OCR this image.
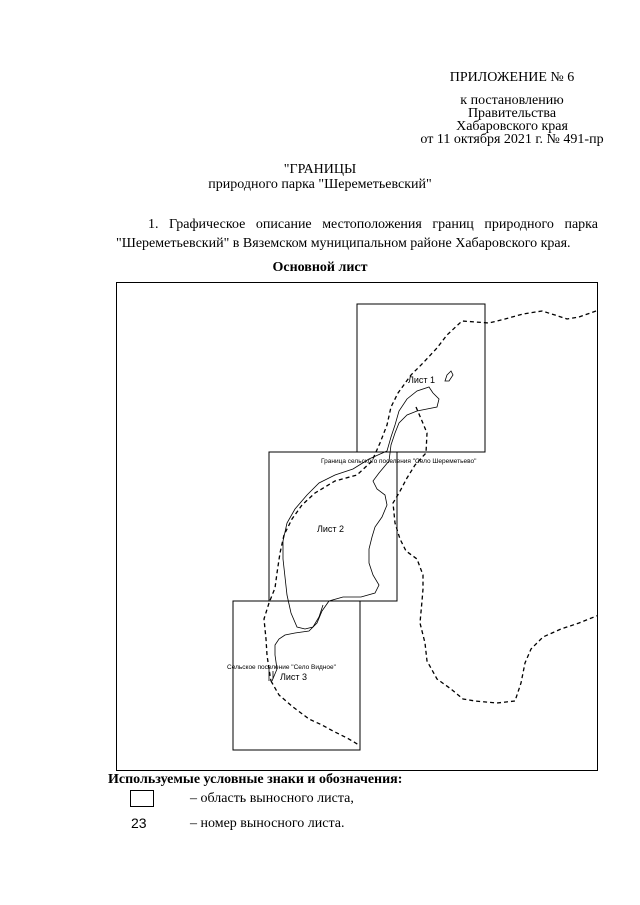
ПРИЛОЖЕНИЕ № 6
к постановлению
Правительства
Хабаровского края
от 11 октября 2021 г. № 491-пр
"ГРАНИЦЫ
природного парка "Шереметьевский"
1. Графическое описание местоположения границ природного парка "Шереметьевский" в Вяземском муниципальном районе Хабаровского края.
Основной лист
Лист 1
Лист 2
Лист 3
Граница сельского поселения "Село Шереметьево"
Сельское поселение "Село Видное"
Используемые условные знаки и обозначения:
– область выносного листа,
23	– номер выносного листа.
